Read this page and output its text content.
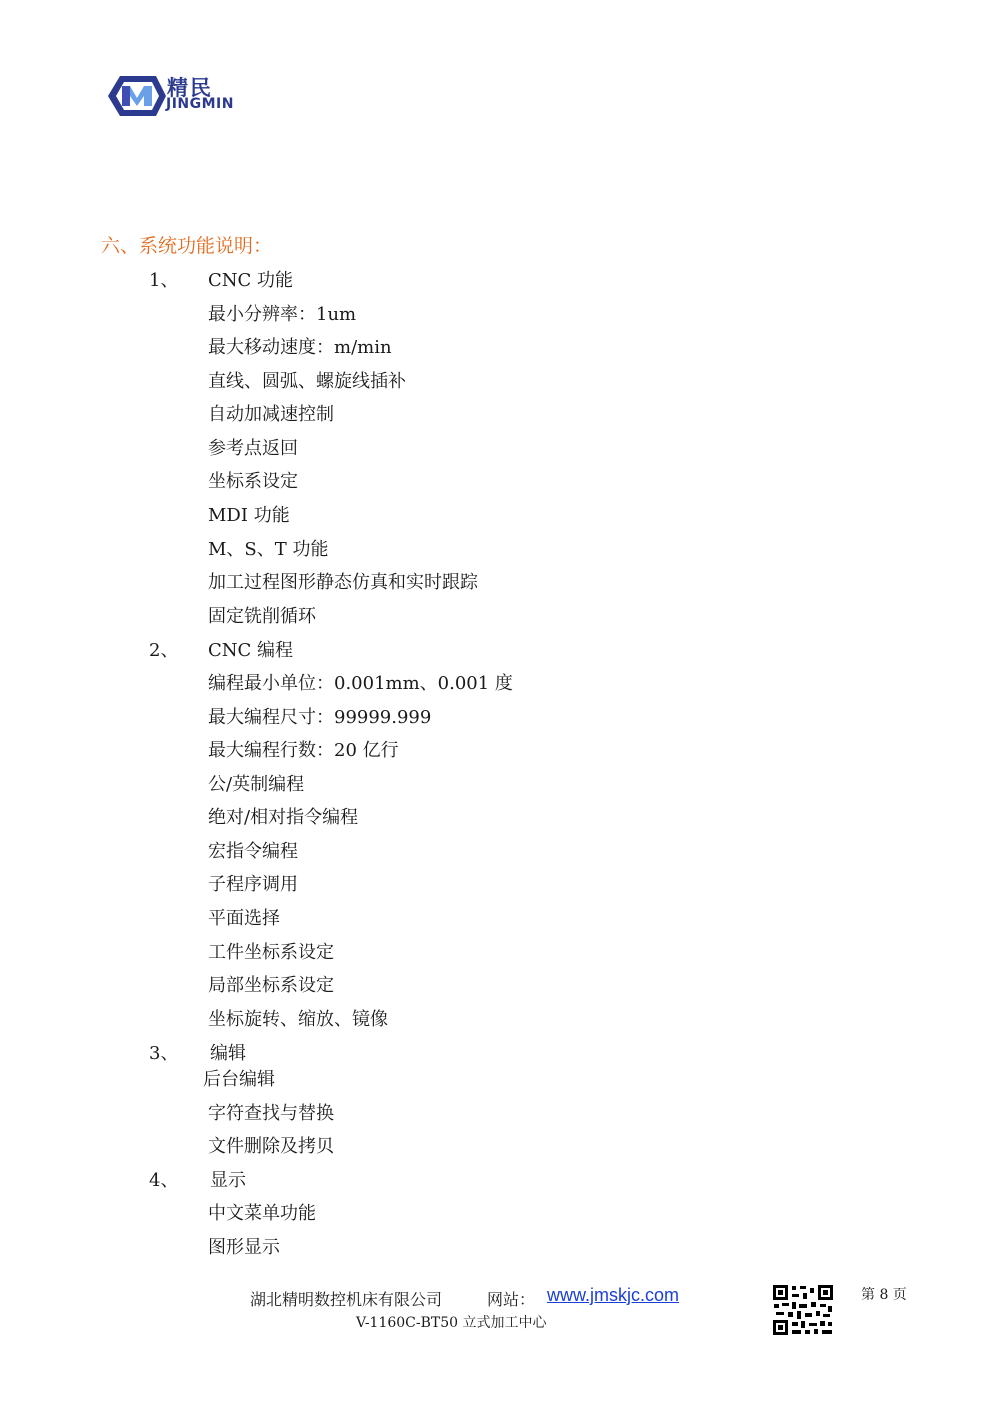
精民
JINGMIN
六、系统功能说明：
1、 CNC 功能
最小分辨率：1um
最大移动速度：m/min
直线、圆弧、螺旋线插补
自动加减速控制
参考点返回
坐标系设定
MDI 功能
M、S、T 功能
加工过程图形静态仿真和实时跟踪
固定铣削循环
2、 CNC 编程
编程最小单位：0.001mm、0.001 度
最大编程尺寸：99999.999
最大编程行数：20 亿行
公/英制编程
绝对/相对指令编程
宏指令编程
子程序调用
平面选择
工件坐标系设定
局部坐标系设定
坐标旋转、缩放、镜像
3、 编辑
后台编辑
字符查找与替换
文件删除及拷贝
4、 显示
中文菜单功能
图形显示
湖北精明数控机床有限公司	网站： www.jmskjc.com
V-1160C-BT50 立式加工中心
第 8 页
